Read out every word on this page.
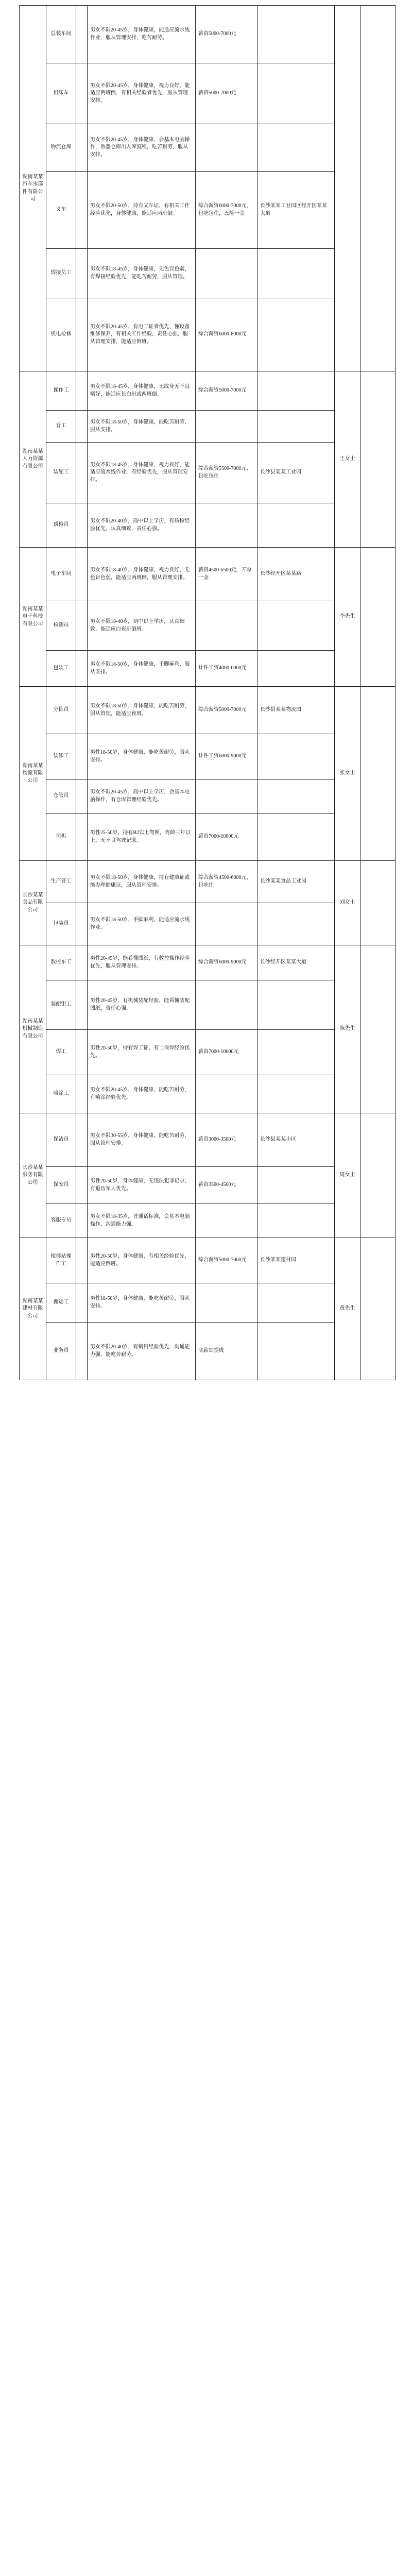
湖南某某汽车零部件有限公司	总装车间		男女不限20-45岁，身体健康，能适应流水线作业，服从管理安排，吃苦耐劳。	薪资5000-7000元			
	机床车		男女不限20-45岁，身体健康，视力良好，能适应两班倒，有相关经验者优先，服从管理安排。	薪资5000-7000元			
	物流仓库		男女不限20-45岁，身体健康，会基本电脑操作，熟悉仓库出入库流程，吃苦耐劳，服从安排。				
	叉车		男女不限20-50岁，持有叉车证，有相关工作经验优先，身体健康，能适应两班倒。	综合薪资6000-7000元，包吃包住，五险一金	长沙某某工业园区经开区某某大道		
	焊接员工		男女不限18-45岁，身体健康，无色盲色弱，有焊接经验优先，能吃苦耐劳，服从管理。				
	机电检修		男女不限20-45岁，有电工证者优先，懂设备维修保养，有相关工作经验，责任心强，服从管理安排，能适应倒班。	综合薪资6000-8000元			
湖南某某人力资源有限公司	操作工		男女不限18-45岁，身体健康，无纹身无不良嗜好，能适应长白班或两班倒。	综合薪资5000-7000元		王女士	
	普工		男女不限18-50岁，身体健康，能吃苦耐劳，服从安排。				
	装配工		男女不限18-45岁，身体健康，视力良好，能适应流水线作业，有经验优先，服从管理安排。	综合薪资5500-7000元，包吃包住	长沙县某某工业园		
	质检员		男女不限20-40岁，高中以上学历，有质检经验优先，认真细致，责任心强。				
湖南某某电子科技有限公司	电子车间		男女不限18-40岁，身体健康，视力良好，无色盲色弱，能适应两班倒，服从管理安排。	薪资4500-6500元，五险一金	长沙经开区某某路	李先生	
	检测员		男女不限18-40岁，初中以上学历，认真细致，能适应白夜班倒班。				
	包装工		男女不限18-50岁，身体健康，手脚麻利，服从安排。	计件工资4000-6000元			
湖南某某物流有限公司	分拣员		男女不限18-50岁，身体健康，能吃苦耐劳，服从管理，能适应夜班。	综合薪资5000-7000元	长沙县某某物流园	张女士	
	装卸工		男性18-50岁，身体健康，能吃苦耐劳，服从安排。	计件工资6000-9000元			
	仓管员		男女不限20-45岁，高中以上学历，会基本电脑操作，有仓库管理经验优先。				
	司机		男性25-50岁，持有B2以上驾照，驾龄三年以上，无不良驾驶记录。	薪资7000-10000元			
长沙某某食品有限公司	生产普工		男女不限18-50岁，身体健康，持有健康证或能办理健康证，服从管理安排。	综合薪资4500-6000元，包吃住	长沙某某食品工业园	刘女士	
	包装员		男女不限18-50岁，手脚麻利，能适应流水线作业。				
湖南某某机械制造有限公司	数控车工		男性20-45岁，能看懂图纸，有数控操作经验优先，服从管理安排。	综合薪资6000-9000元	长沙经开区某某大道	陈先生	
	装配钳工		男性20-45岁，有机械装配经验，能看懂装配图纸，责任心强。				
	焊工		男性20-50岁，持有焊工证，有二保焊经验优先。	薪资7000-10000元			
	喷涂工		男女不限20-45岁，身体健康，能吃苦耐劳，有喷涂经验优先。				
长沙某某服务有限公司	保洁员		男女不限30-55岁，身体健康，能吃苦耐劳，服从管理安排。	薪资3000-3500元	长沙县某某小区	周女士	
	保安员		男性20-50岁，身体健康，无违法犯罪记录，有退伍军人优先。	薪资3500-4500元			
	客服专员		男女不限18-35岁，普通话标准，会基本电脑操作，沟通能力强。				
湖南某某建材有限公司	搅拌站操作工		男性20-50岁，身体健康，有相关经验优先，能适应倒班。	综合薪资5000-7000元	长沙某某建材园	黄先生	
	搬运工		男性18-50岁，身体健康，能吃苦耐劳，服从安排。				
	业务员		男女不限20-40岁，有销售经验优先，沟通能力强，能吃苦耐劳。	底薪加提成			
